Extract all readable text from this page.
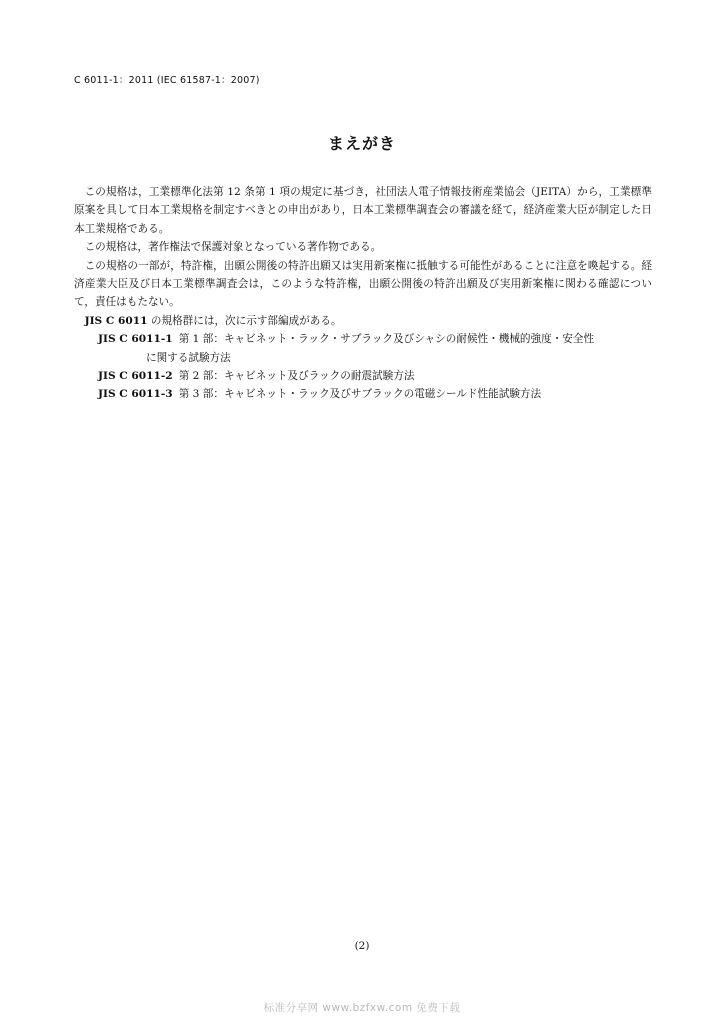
C 6011-1：2011 (IEC 61587-1：2007)
まえがき

この規格は，工業標準化法第 12 条第 1 項の規定に基づき，社団法人電子情報技術産業協会（JEITA）から，工業標準原案を具して日本工業規格を制定すべきとの申出があり，日本工業標準調査会の審議を経て，経済産業大臣が制定した日本工業規格である。

この規格は，著作権法で保護対象となっている著作物である。

この規格の一部が，特許権，出願公開後の特許出願又は実用新案権に抵触する可能性があることに注意を喚起する。経済産業大臣及び日本工業標準調査会は，このような特許権，出願公開後の特許出願及び実用新案権に関わる確認について，責任はもたない。

JIS C 6011 の規格群には，次に示す部編成がある。
JIS C 6011-1 第 1 部：キャビネット・ラック・サブラック及びシャシの耐候性・機械的強度・安全性
に関する試験方法
JIS C 6011-2 第 2 部：キャビネット及びラックの耐震試験方法
JIS C 6011-3 第 3 部：キャビネット・ラック及びサブラックの電磁シールド性能試験方法
(2)
标准分享网 www.bzfxw.com 免费下载
